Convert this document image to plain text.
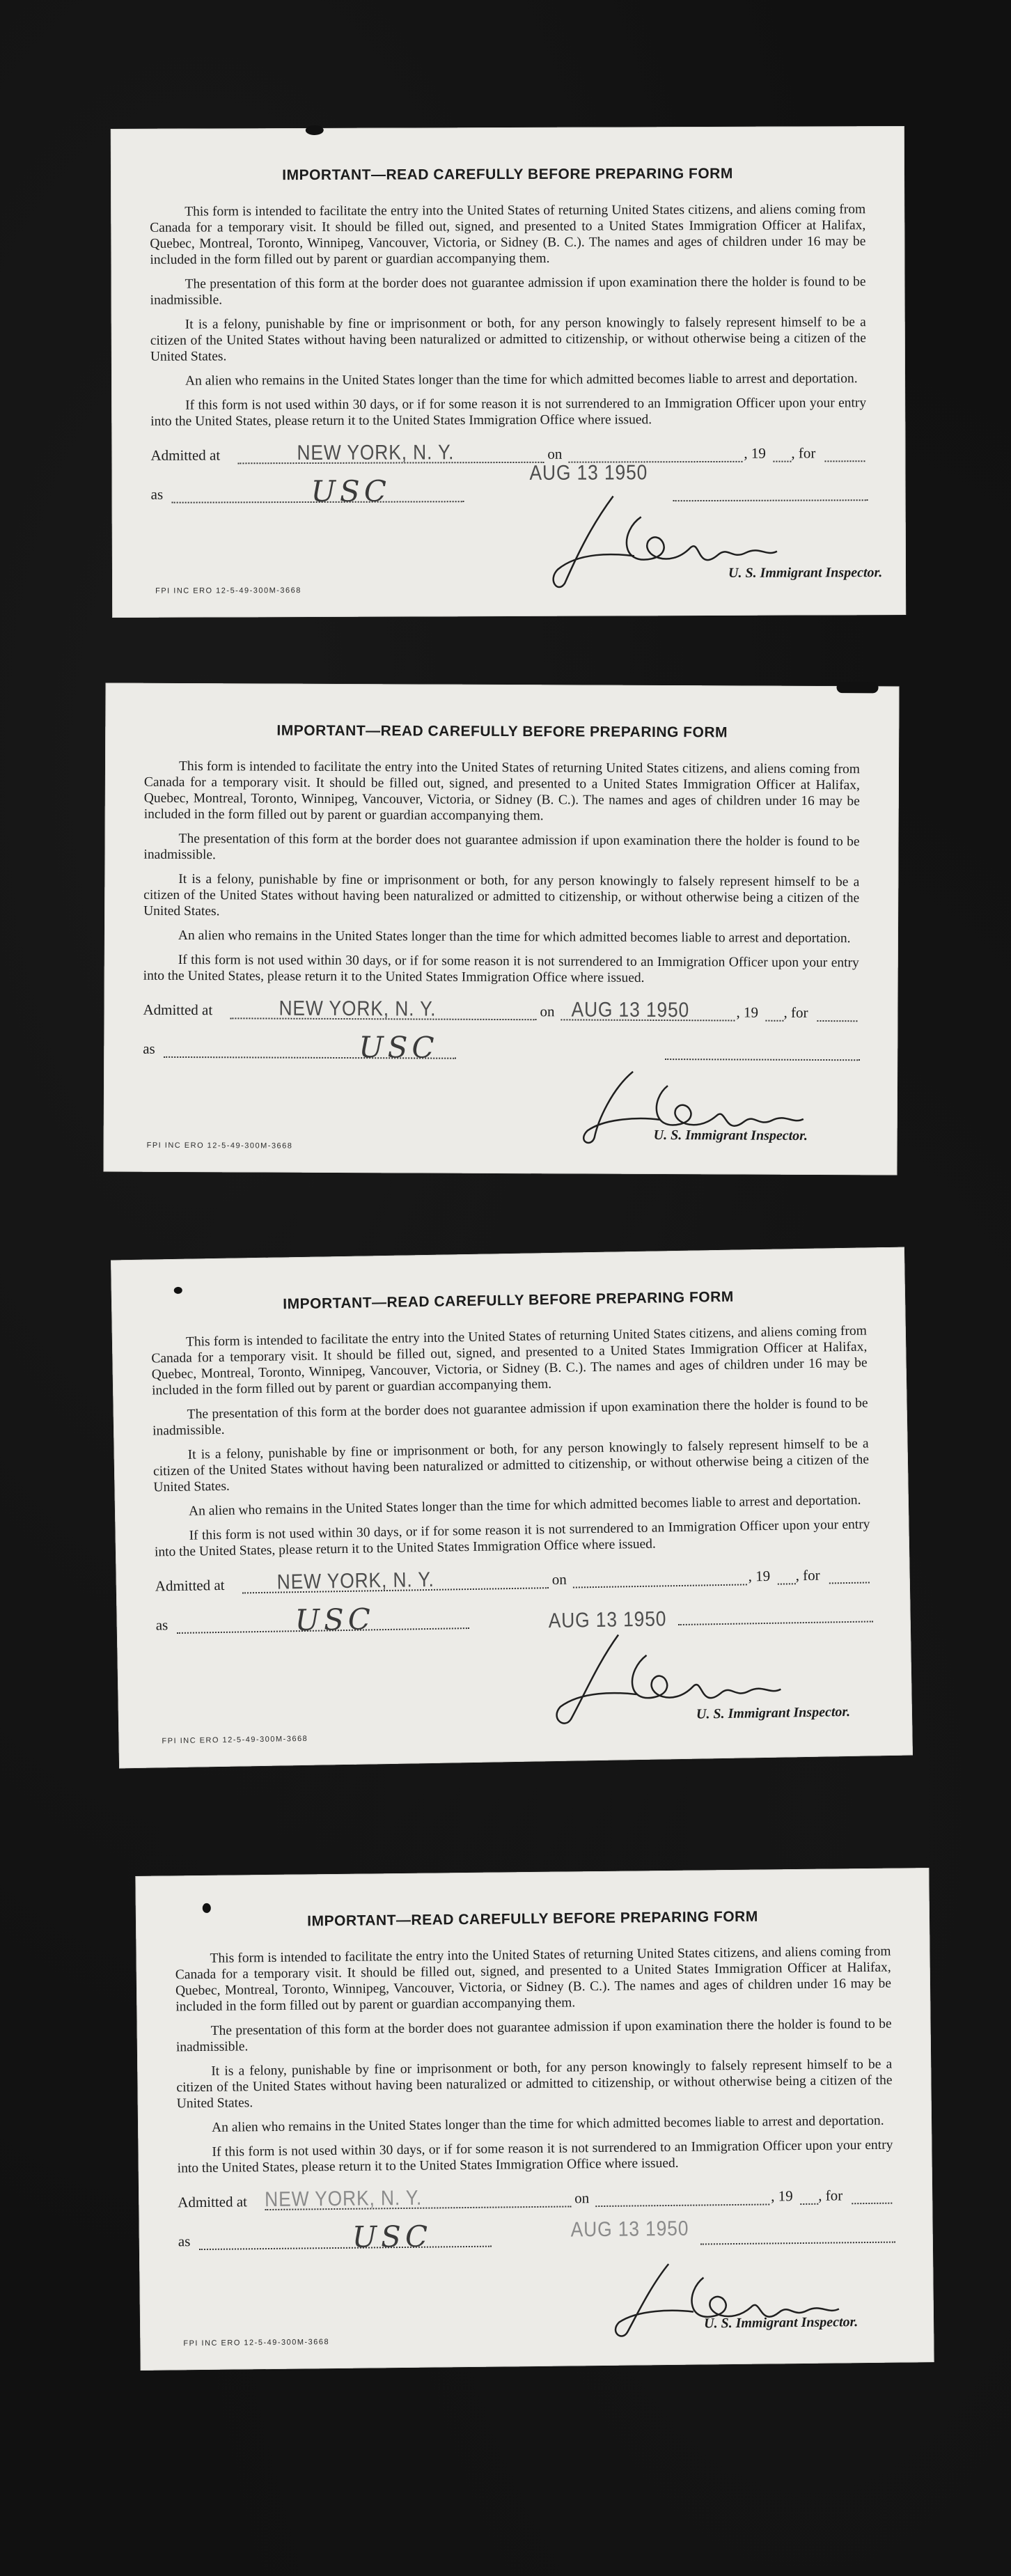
IMPORTANT—READ CAREFULLY BEFORE PREPARING FORM

This form is intended to facilitate the entry into the United States of returning United States citizens, and aliens coming from Canada for a temporary visit. It should be filled out, signed, and presented to a United States Immigration Officer at Halifax, Quebec, Montreal, Toronto, Winnipeg, Vancouver, Victoria, or Sidney (B. C.). The names and ages of children under 16 may be included in the form filled out by parent or guardian accompanying them.

The presentation of this form at the border does not guarantee admission if upon examination there the holder is found to be inadmissible.

It is a felony, punishable by fine or imprisonment or both, for any person knowingly to falsely represent himself to be a citizen of the United States without having been naturalized or admitted to citizenship, or without otherwise being a citizen of the United States.

An alien who remains in the United States longer than the time for which admitted becomes liable to arrest and deportation.

If this form is not used within 30 days, or if for some reason it is not surrendered to an Immigration Officer upon your entry into the United States, please return it to the United States Immigration Office where issued.

AUG 13 1950
Admitted at	NEW YORK, N. Y.	on	, 19 , for
as	USC
U. S. Immigrant Inspector.
FPI INC ERO 12-5-49-300M-3668
IMPORTANT—READ CAREFULLY BEFORE PREPARING FORM

This form is intended to facilitate the entry into the United States of returning United States citizens, and aliens coming from Canada for a temporary visit. It should be filled out, signed, and presented to a United States Immigration Officer at Halifax, Quebec, Montreal, Toronto, Winnipeg, Vancouver, Victoria, or Sidney (B. C.). The names and ages of children under 16 may be included in the form filled out by parent or guardian accompanying them.

The presentation of this form at the border does not guarantee admission if upon examination there the holder is found to be inadmissible.

It is a felony, punishable by fine or imprisonment or both, for any person knowingly to falsely represent himself to be a citizen of the United States without having been naturalized or admitted to citizenship, or without otherwise being a citizen of the United States.

An alien who remains in the United States longer than the time for which admitted becomes liable to arrest and deportation.

If this form is not used within 30 days, or if for some reason it is not surrendered to an Immigration Officer upon your entry into the United States, please return it to the United States Immigration Office where issued.

Admitted at	NEW YORK, N. Y.	on AUG 13 1950	, 19 , for
as	USC
U. S. Immigrant Inspector.
FPI INC ERO 12-5-49-300M-3668
IMPORTANT—READ CAREFULLY BEFORE PREPARING FORM

This form is intended to facilitate the entry into the United States of returning United States citizens, and aliens coming from Canada for a temporary visit. It should be filled out, signed, and presented to a United States Immigration Officer at Halifax, Quebec, Montreal, Toronto, Winnipeg, Vancouver, Victoria, or Sidney (B. C.). The names and ages of children under 16 may be included in the form filled out by parent or guardian accompanying them.

The presentation of this form at the border does not guarantee admission if upon examination there the holder is found to be inadmissible.

It is a felony, punishable by fine or imprisonment or both, for any person knowingly to falsely represent himself to be a citizen of the United States without having been naturalized or admitted to citizenship, or without otherwise being a citizen of the United States.

An alien who remains in the United States longer than the time for which admitted becomes liable to arrest and deportation.

If this form is not used within 30 days, or if for some reason it is not surrendered to an Immigration Officer upon your entry into the United States, please return it to the United States Immigration Office where issued.

AUG 13 1950
Admitted at NEW YORK, N. Y.	on	, 19 , for
as	USC
U. S. Immigrant Inspector.
FPI INC ERO 12-5-49-300M-3668
IMPORTANT—READ CAREFULLY BEFORE PREPARING FORM

This form is intended to facilitate the entry into the United States of returning United States citizens, and aliens coming from Canada for a temporary visit. It should be filled out, signed, and presented to a United States Immigration Officer at Halifax, Quebec, Montreal, Toronto, Winnipeg, Vancouver, Victoria, or Sidney (B. C.). The names and ages of children under 16 may be included in the form filled out by parent or guardian accompanying them.

The presentation of this form at the border does not guarantee admission if upon examination there the holder is found to be inadmissible.

It is a felony, punishable by fine or imprisonment or both, for any person knowingly to falsely represent himself to be a citizen of the United States without having been naturalized or admitted to citizenship, or without otherwise being a citizen of the United States.

An alien who remains in the United States longer than the time for which admitted becomes liable to arrest and deportation.

If this form is not used within 30 days, or if for some reason it is not surrendered to an Immigration Officer upon your entry into the United States, please return it to the United States Immigration Office where issued.

AUG 13 1950
Admitted at NEW YORK, N. Y.	on	, 19 , for
as	USC
U. S. Immigrant Inspector.
FPI INC ERO 12-5-49-300M-3668
